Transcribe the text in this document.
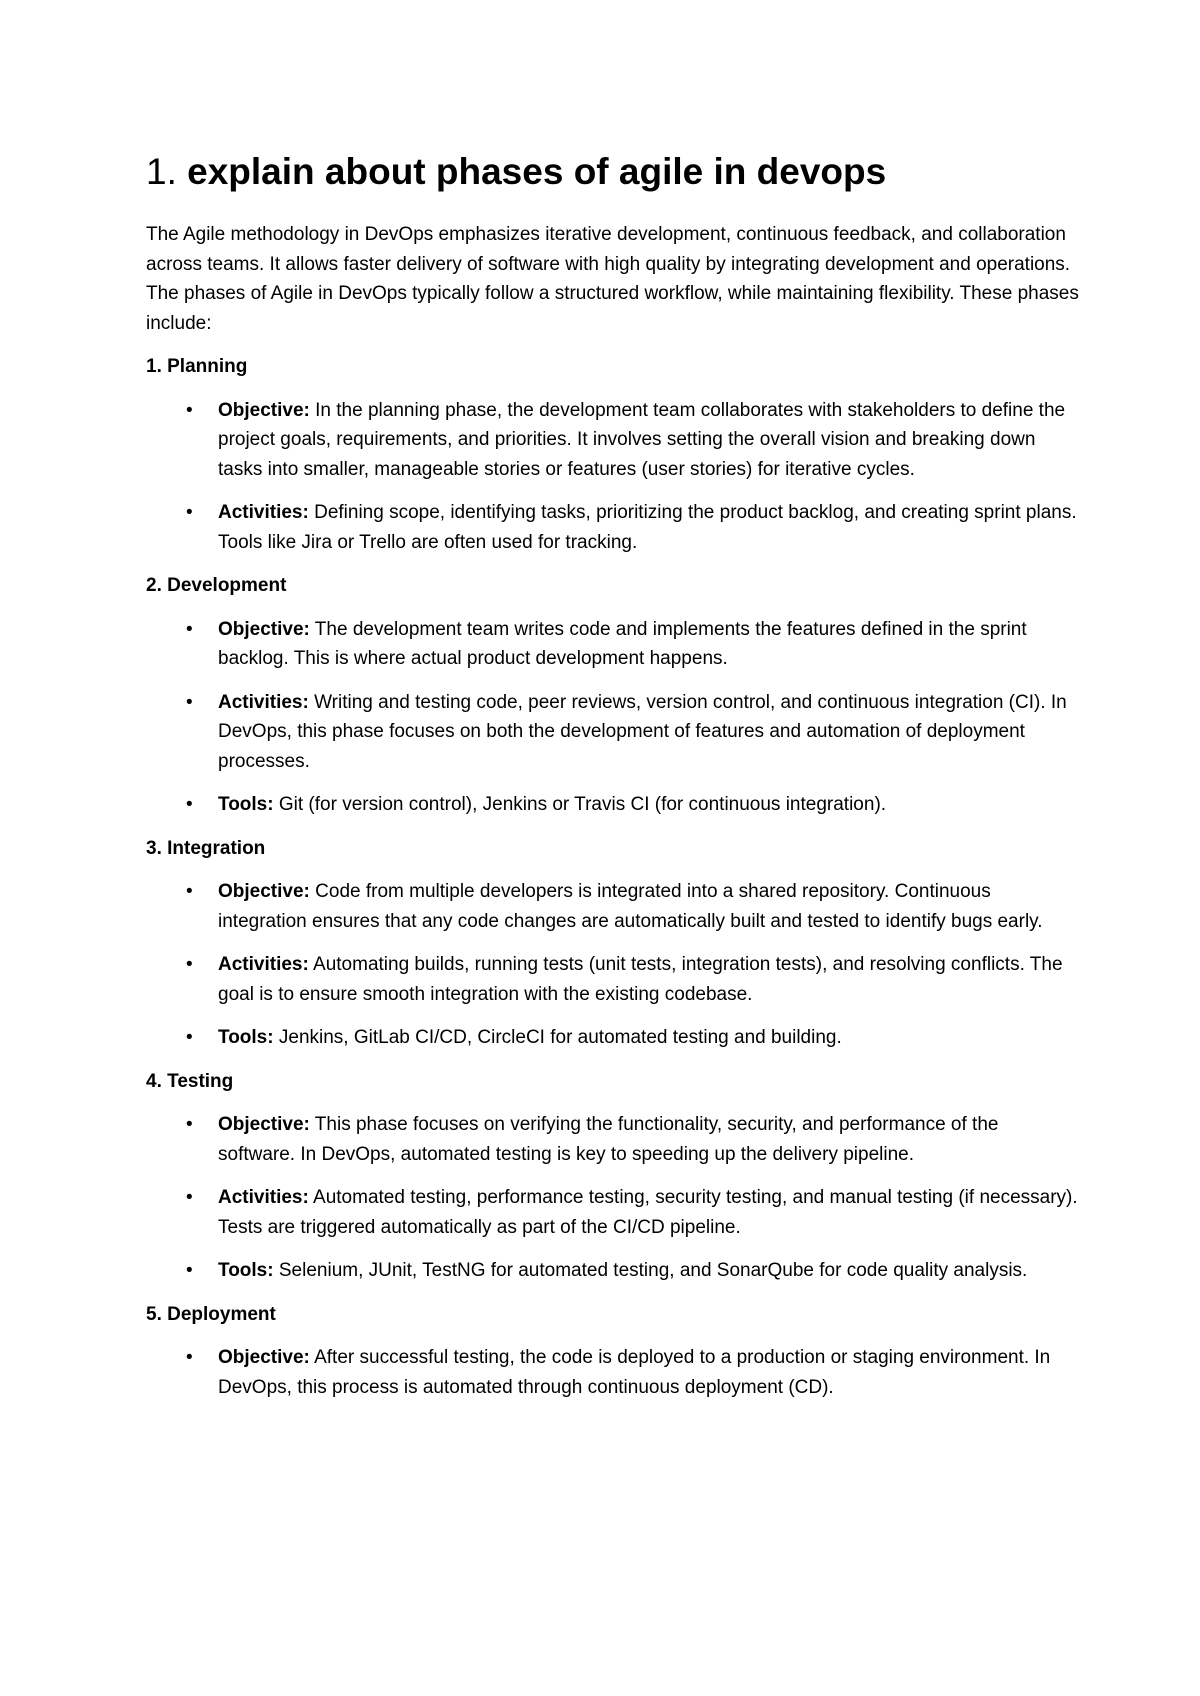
1. explain about phases of agile in devops

The Agile methodology in DevOps emphasizes iterative development, continuous feedback, and collaboration across teams. It allows faster delivery of software with high quality by integrating development and operations. The phases of Agile in DevOps typically follow a structured workflow, while maintaining flexibility. These phases include:

1. Planning
• Objective: In the planning phase, the development team collaborates with stakeholders to define the project goals, requirements, and priorities. It involves setting the overall vision and breaking down tasks into smaller, manageable stories or features (user stories) for iterative cycles.
• Activities: Defining scope, identifying tasks, prioritizing the product backlog, and creating sprint plans. Tools like Jira or Trello are often used for tracking.
2. Development
• Objective: The development team writes code and implements the features defined in the sprint backlog. This is where actual product development happens.
• Activities: Writing and testing code, peer reviews, version control, and continuous integration (CI). In DevOps, this phase focuses on both the development of features and automation of deployment processes.
• Tools: Git (for version control), Jenkins or Travis CI (for continuous integration).
3. Integration
• Objective: Code from multiple developers is integrated into a shared repository. Continuous integration ensures that any code changes are automatically built and tested to identify bugs early.
• Activities: Automating builds, running tests (unit tests, integration tests), and resolving conflicts. The goal is to ensure smooth integration with the existing codebase.
• Tools: Jenkins, GitLab CI/CD, CircleCI for automated testing and building.
4. Testing
• Objective: This phase focuses on verifying the functionality, security, and performance of the software. In DevOps, automated testing is key to speeding up the delivery pipeline.
• Activities: Automated testing, performance testing, security testing, and manual testing (if necessary). Tests are triggered automatically as part of the CI/CD pipeline.
• Tools: Selenium, JUnit, TestNG for automated testing, and SonarQube for code quality analysis.
5. Deployment
• Objective: After successful testing, the code is deployed to a production or staging environment. In DevOps, this process is automated through continuous deployment (CD).
